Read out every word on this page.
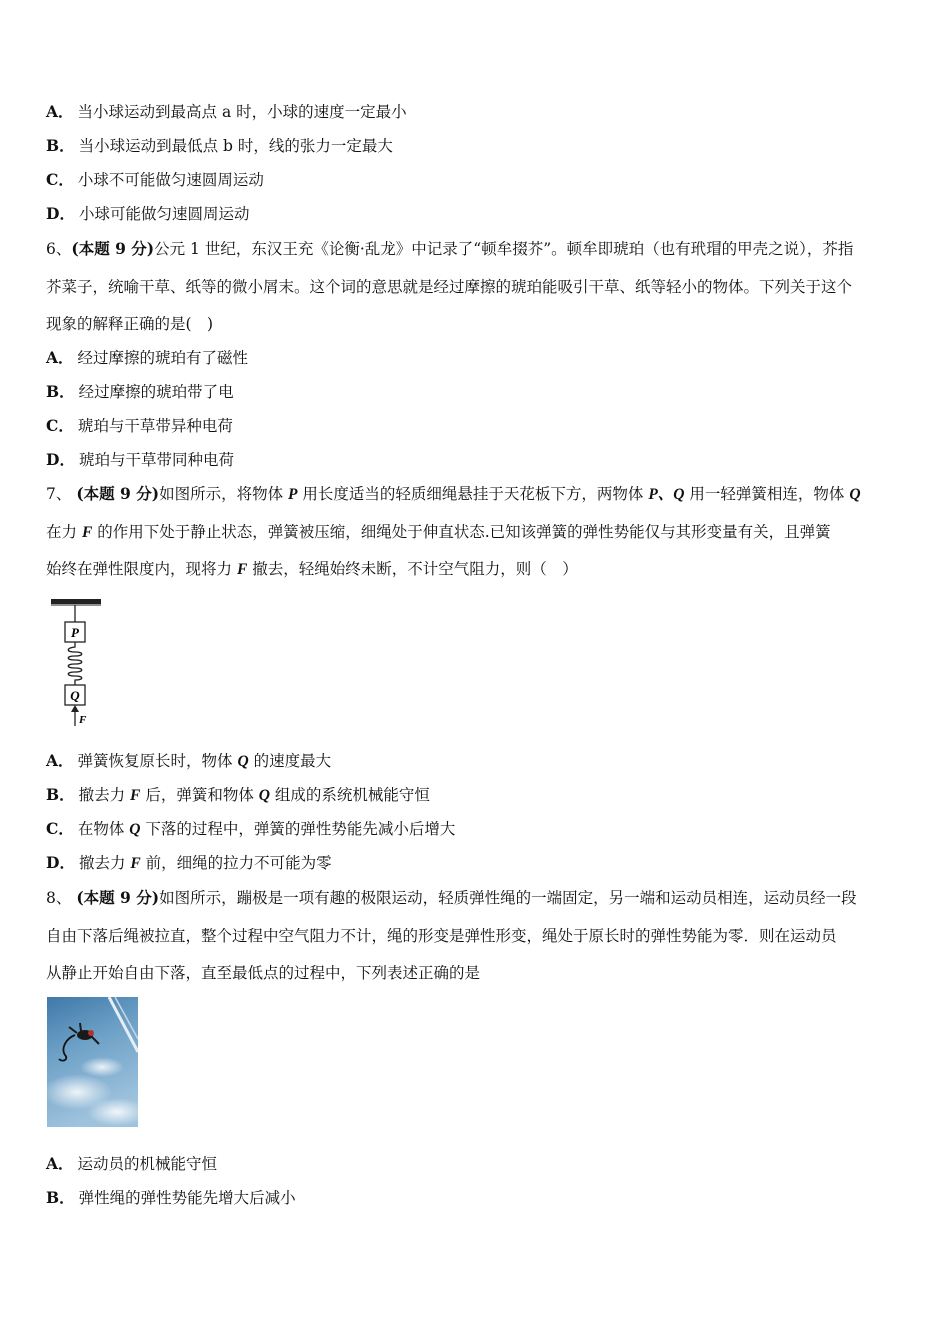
A． 当小球运动到最高点 a 时，小球的速度一定最小
B． 当小球运动到最低点 b 时，线的张力一定最大
C． 小球不可能做匀速圆周运动
D． 小球可能做匀速圆周运动
6、(本题 9 分)公元 1 世纪，东汉王充《论衡·乱龙》中记录了“顿牟掇芥”。顿牟即琥珀（也有玳瑁的甲壳之说），芥指
芥菜子，统喻干草、纸等的微小屑末。这个词的意思就是经过摩擦的琥珀能吸引干草、纸等轻小的物体。下列关于这个
现象的解释正确的是(　)
A． 经过摩擦的琥珀有了磁性
B． 经过摩擦的琥珀带了电
C． 琥珀与干草带异种电荷
D． 琥珀与干草带同种电荷
7、 (本题 9 分)如图所示，将物体 P 用长度适当的轻质细绳悬挂于天花板下方，两物体 P、Q 用一轻弹簧相连，物体 Q
在力 F 的作用下处于静止状态，弹簧被压缩，细绳处于伸直状态.已知该弹簧的弹性势能仅与其形变量有关，且弹簧
始终在弹性限度内，现将力 F 撤去，轻绳始终未断，不计空气阻力，则（　）
P
Q
F
A． 弹簧恢复原长时，物体 Q 的速度最大
B． 撤去力 F 后，弹簧和物体 Q 组成的系统机械能守恒
C． 在物体 Q 下落的过程中，弹簧的弹性势能先减小后增大
D． 撤去力 F 前，细绳的拉力不可能为零
8、 (本题 9 分)如图所示，蹦极是一项有趣的极限运动，轻质弹性绳的一端固定，另一端和运动员相连，运动员经一段
自由下落后绳被拉直，整个过程中空气阻力不计，绳的形变是弹性形变，绳处于原长时的弹性势能为零．则在运动员
从静止开始自由下落，直至最低点的过程中，下列表述正确的是
A． 运动员的机械能守恒
B． 弹性绳的弹性势能先增大后减小
